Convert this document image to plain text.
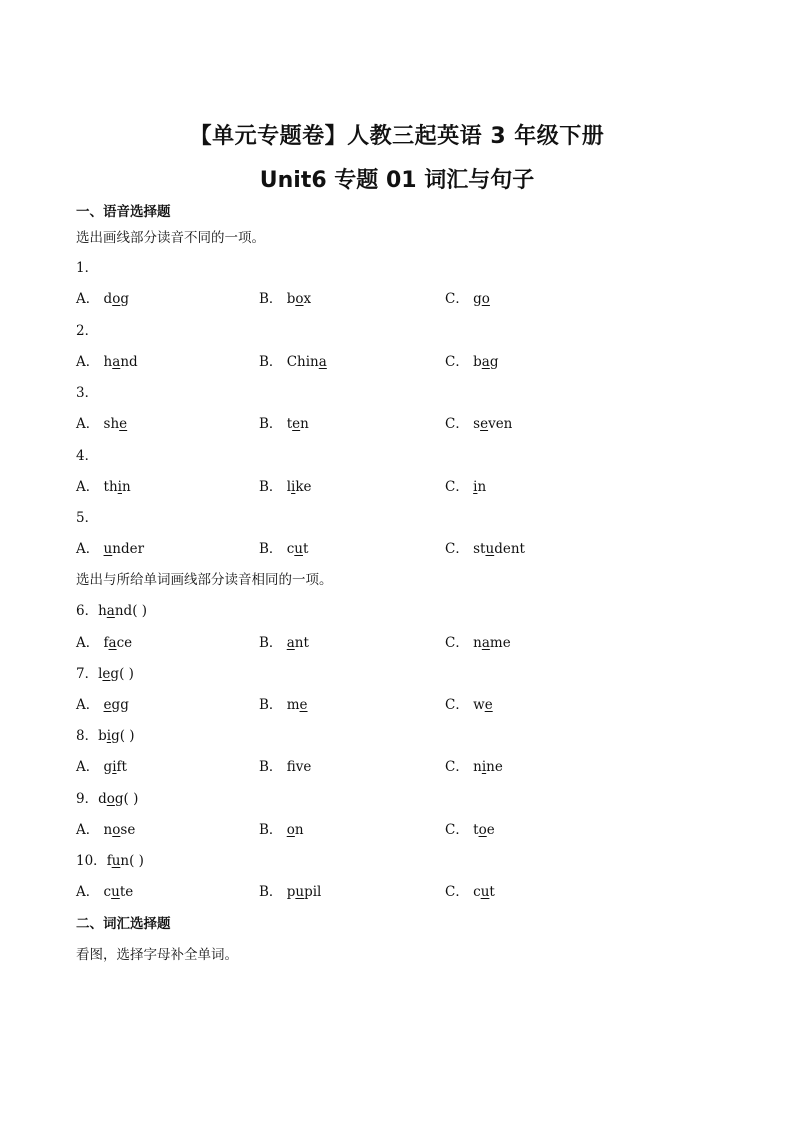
【单元专题卷】人教三起英语 3 年级下册
Unit6 专题 01 词汇与句子
一、语音选择题
选出画线部分读音不同的一项。
1．
A． dog	B． box	C． go
2．
A． hand	B． China	C． bag
3．
A． she	B． ten	C． seven
4．
A． thin	B． like	C． in
5．
A． under	B． cut	C． student
6．hand( )
A． face	B． ant	C． name
7．leg( )
A． egg	B． me	C． we
8．big( )
A． gift	B． fve	C． nine
9．dog( )
A． nose	B． on	C． toe
10．fun( )
A． cute	B． pupil	C． cut
选出与所给单词画线部分读音相同的一项。
二、词汇选择题
看图，选择字母补全单词。
